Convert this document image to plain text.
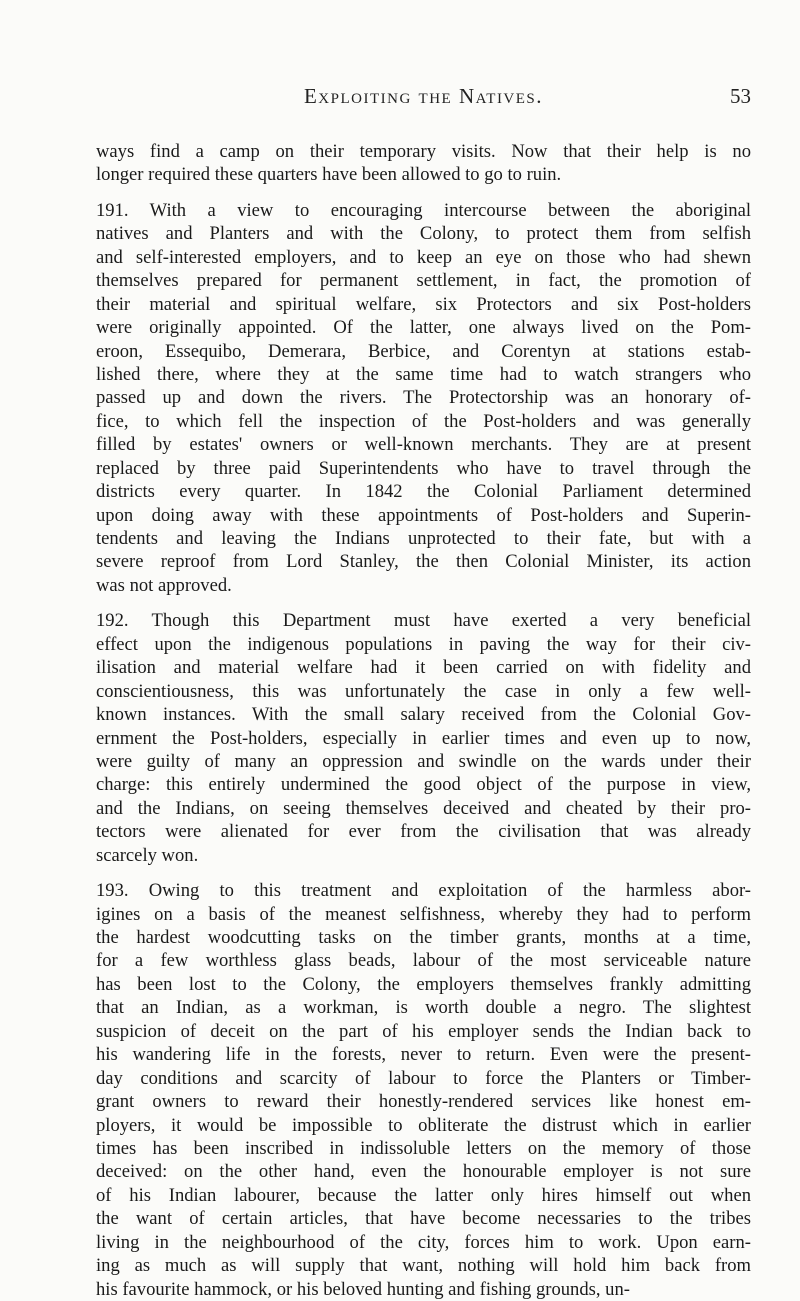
Exploiting the Natives.	53
ways find a camp on their temporary visits. Now that their help is no
longer required these quarters have been allowed to go to ruin.
191. With a view to encouraging intercourse between the aboriginal
natives and Planters and with the Colony, to protect them from selfish
and self-interested employers, and to keep an eye on those who had shewn
themselves prepared for permanent settlement, in fact, the promotion of
their material and spiritual welfare, six Protectors and six Post-holders
were originally appointed. Of the latter, one always lived on the Pom-
eroon, Essequibo, Demerara, Berbice, and Corentyn at stations estab-
lished there, where they at the same time had to watch strangers who
passed up and down the rivers. The Protectorship was an honorary of-
fice, to which fell the inspection of the Post-holders and was generally
filled by estates' owners or well-known merchants. They are at present
replaced by three paid Superintendents who have to travel through the
districts every quarter. In 1842 the Colonial Parliament determined
upon doing away with these appointments of Post-holders and Superin-
tendents and leaving the Indians unprotected to their fate, but with a
severe reproof from Lord Stanley, the then Colonial Minister, its action
was not approved.
192. Though this Department must have exerted a very beneficial
effect upon the indigenous populations in paving the way for their civ-
ilisation and material welfare had it been carried on with fidelity and
conscientiousness, this was unfortunately the case in only a few well-
known instances. With the small salary received from the Colonial Gov-
ernment the Post-holders, especially in earlier times and even up to now,
were guilty of many an oppression and swindle on the wards under their
charge: this entirely undermined the good object of the purpose in view,
and the Indians, on seeing themselves deceived and cheated by their pro-
tectors were alienated for ever from the civilisation that was already
scarcely won.
193. Owing to this treatment and exploitation of the harmless abor-
igines on a basis of the meanest selfishness, whereby they had to perform
the hardest woodcutting tasks on the timber grants, months at a time,
for a few worthless glass beads, labour of the most serviceable nature
has been lost to the Colony, the employers themselves frankly admitting
that an Indian, as a workman, is worth double a negro. The slightest
suspicion of deceit on the part of his employer sends the Indian back to
his wandering life in the forests, never to return. Even were the present-
day conditions and scarcity of labour to force the Planters or Timber-
grant owners to reward their honestly-rendered services like honest em-
ployers, it would be impossible to obliterate the distrust which in earlier
times has been inscribed in indissoluble letters on the memory of those
deceived: on the other hand, even the honourable employer is not sure
of his Indian labourer, because the latter only hires himself out when
the want of certain articles, that have become necessaries to the tribes
living in the neighbourhood of the city, forces him to work. Upon earn-
ing as much as will supply that want, nothing will hold him back from
his favourite hammock, or his beloved hunting and fishing grounds, un-
